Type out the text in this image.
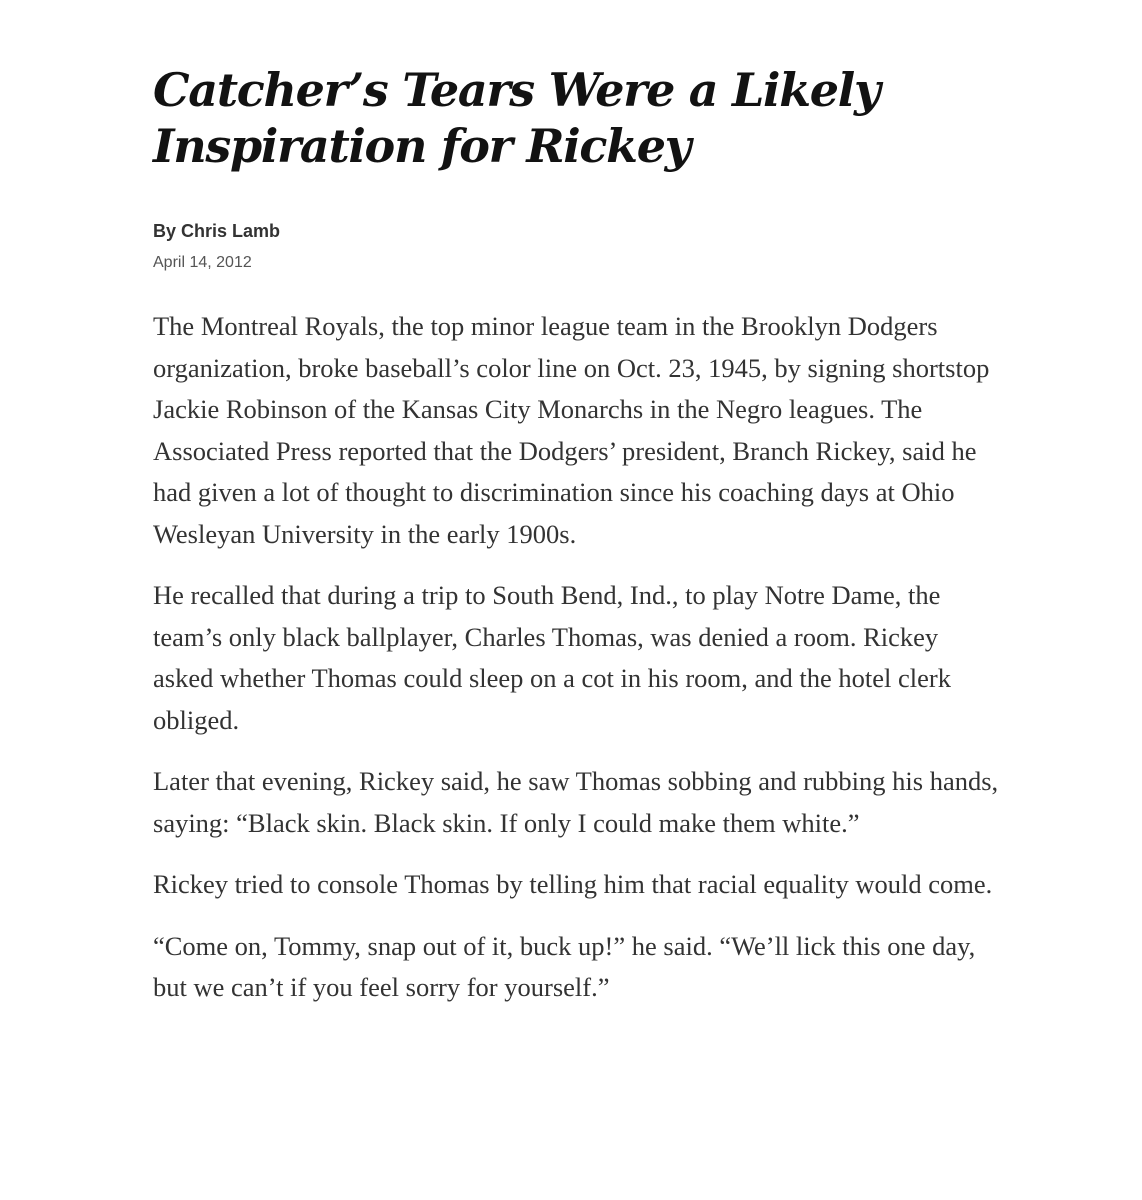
Catcher’s Tears Were a Likely
Inspiration for Rickey
By Chris Lamb
April 14, 2012

The Montreal Royals, the top minor league team in the Brooklyn Dodgers organization, broke baseball’s color line on Oct. 23, 1945, by signing shortstop Jackie Robinson of the Kansas City Monarchs in the Negro leagues. The Associated Press reported that the Dodgers’ president, Branch Rickey, said he had given a lot of thought to discrimination since his coaching days at Ohio Wesleyan University in the early 1900s.

He recalled that during a trip to South Bend, Ind., to play Notre Dame, the team’s only black ballplayer, Charles Thomas, was denied a room. Rickey asked whether Thomas could sleep on a cot in his room, and the hotel clerk obliged.

Later that evening, Rickey said, he saw Thomas sobbing and rubbing his hands, saying: “Black skin. Black skin. If only I could make them white.”

Rickey tried to console Thomas by telling him that racial equality would come.

“Come on, Tommy, snap out of it, buck up!” he said. “We’ll lick this one day, but we can’t if you feel sorry for yourself.”
